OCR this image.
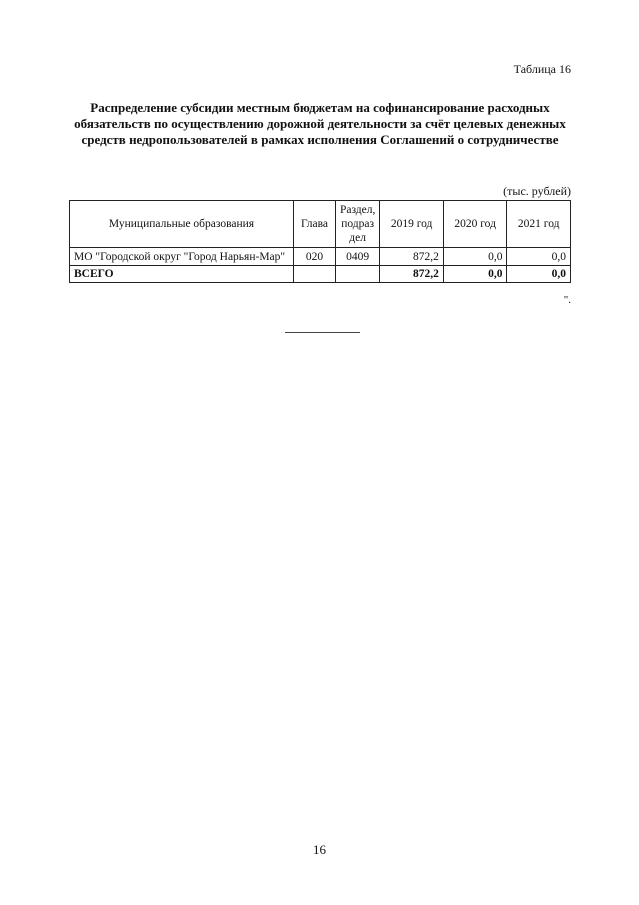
Таблица 16
Распределение субсидии местным бюджетам на софинансирование расходных обязательств по осуществлению дорожной деятельности за счёт целевых денежных средств недропользователей в рамках исполнения Соглашений о сотрудничестве
(тыс. рублей)
Муниципальные образования	Глава	Раздел, подраз дел	2019 год	2020 год	2021 год
МО "Городской округ "Город Нарьян-Мар"	020	0409	872,2	0,0	0,0
ВСЕГО			872,2	0,0	0,0
".
16
